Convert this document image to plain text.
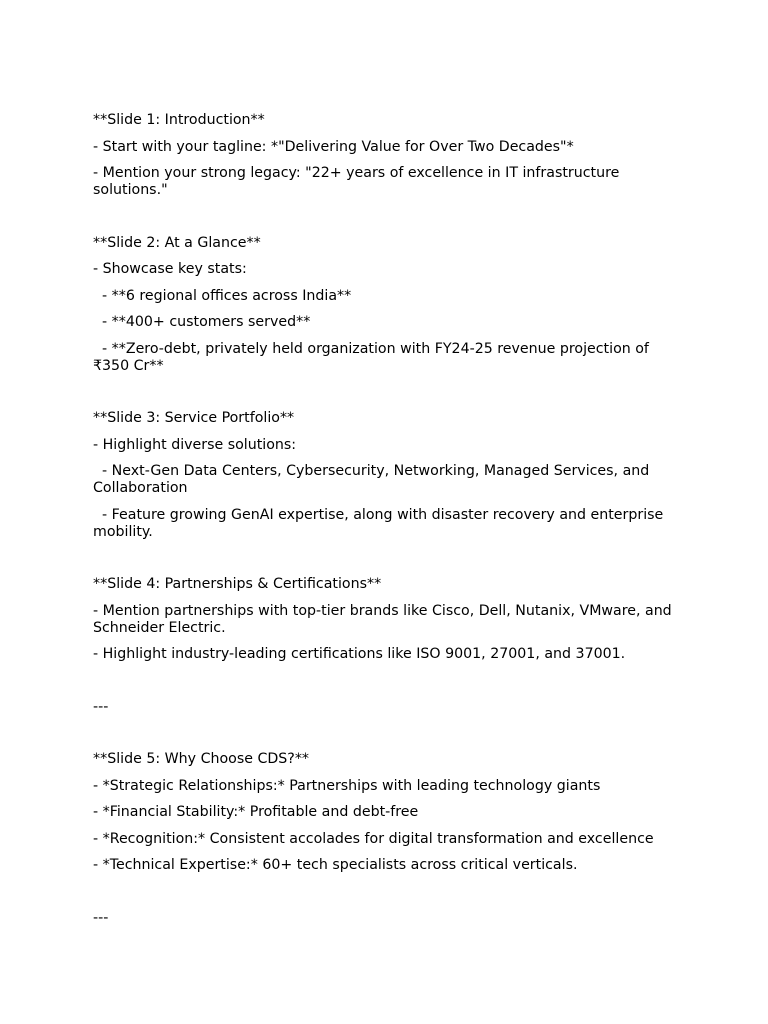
**Slide 1: Introduction**

- Start with your tagline: *"Delivering Value for Over Two Decades"*

- Mention your strong legacy: "22+ years of excellence in IT infrastructure solutions."

**Slide 2: At a Glance**

- Showcase key stats:

- **6 regional offices across India**

- **400+ customers served**

- **Zero-debt, privately held organization with FY24-25 revenue projection of ₹350 Cr**

**Slide 3: Service Portfolio**

- Highlight diverse solutions:

- Next-Gen Data Centers, Cybersecurity, Networking, Managed Services, and Collaboration

- Feature growing GenAI expertise, along with disaster recovery and enterprise mobility.

**Slide 4: Partnerships & Certifications**

- Mention partnerships with top-tier brands like Cisco, Dell, Nutanix, VMware, and Schneider Electric.

- Highlight industry-leading certifications like ISO 9001, 27001, and 37001.

---

**Slide 5: Why Choose CDS?**

- *Strategic Relationships:* Partnerships with leading technology giants

- *Financial Stability:* Profitable and debt-free

- *Recognition:* Consistent accolades for digital transformation and excellence

- *Technical Expertise:* 60+ tech specialists across critical verticals.

---
